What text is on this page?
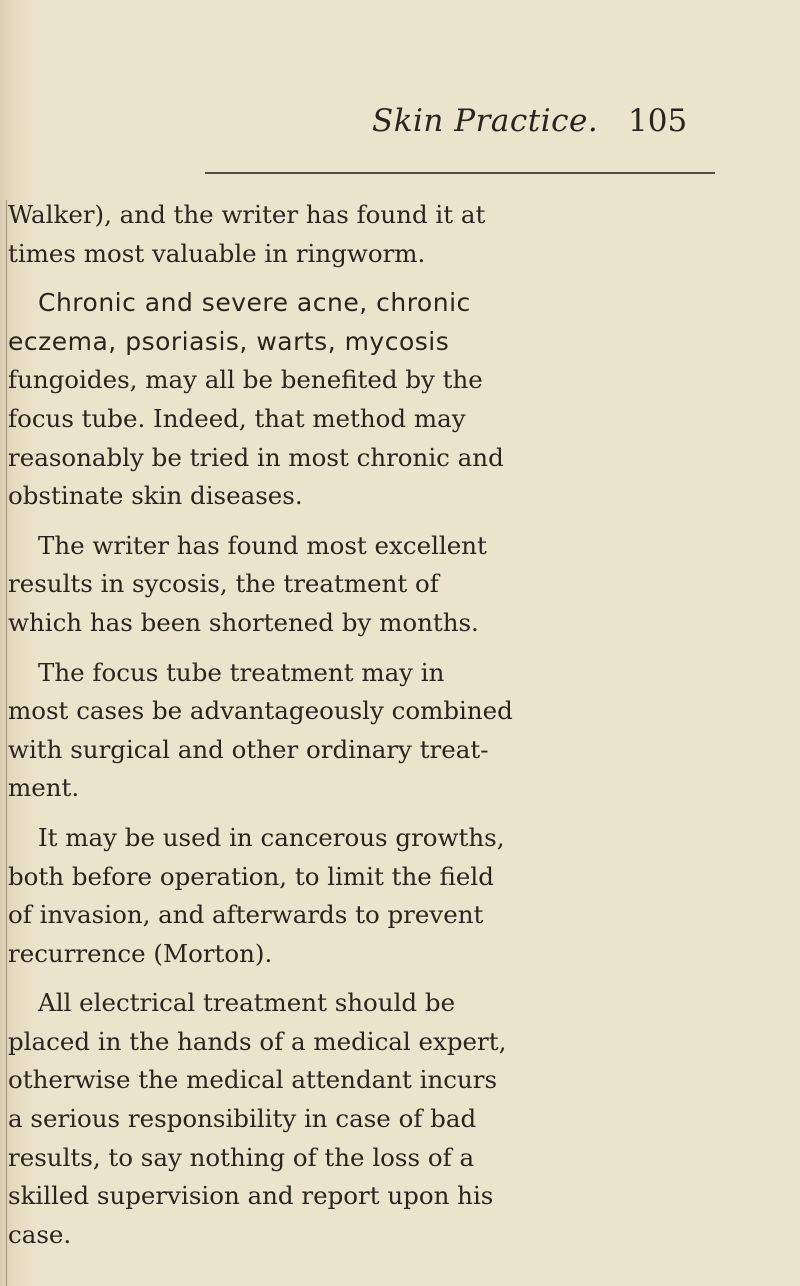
Skin Practice. 105
Walker), and the writer has found it at
times most valuable in ringworm.
Chronic and severe acne, chronic
eczema, psoriasis, warts, mycosis
fungoides, may all be benefited by the
focus tube. Indeed, that method may
reasonably be tried in most chronic and
obstinate skin diseases.
The writer has found most excellent
results in sycosis, the treatment of
which has been shortened by months.
The focus tube treatment may in
most cases be advantageously combined
with surgical and other ordinary treat-
ment.
It may be used in cancerous growths,
both before operation, to limit the field
of invasion, and afterwards to prevent
recurrence (Morton).
All electrical treatment should be
placed in the hands of a medical expert,
otherwise the medical attendant incurs
a serious responsibility in case of bad
results, to say nothing of the loss of a
skilled supervision and report upon his
case.
